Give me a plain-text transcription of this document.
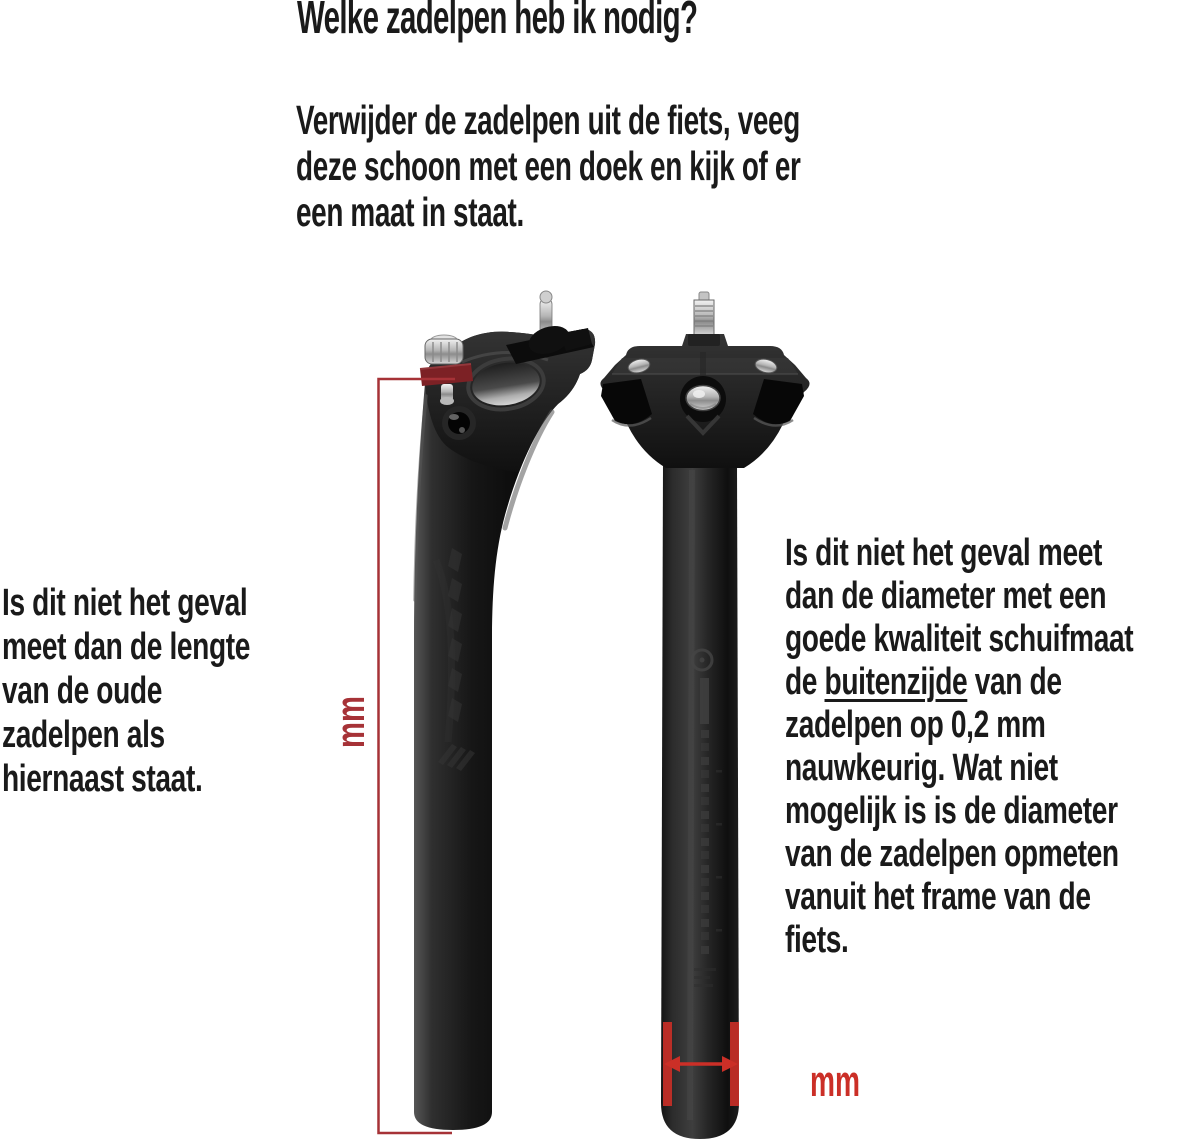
Welke zadelpen heb ik nodig?
Verwijder de zadelpen uit de fiets, veeg
deze schoon met een doek en kijk of er
een maat in staat.
Is dit niet het geval
meet dan de lengte
van de oude
zadelpen als
hiernaast staat.
Is dit niet het geval meet
dan de diameter met een
goede kwaliteit schuifmaat
de buitenzijde van de
zadelpen op 0,2 mm
nauwkeurig. Wat niet
mogelijk is is de diameter
van de zadelpen opmeten
vanuit het frame van de
fiets.
mm
mm
